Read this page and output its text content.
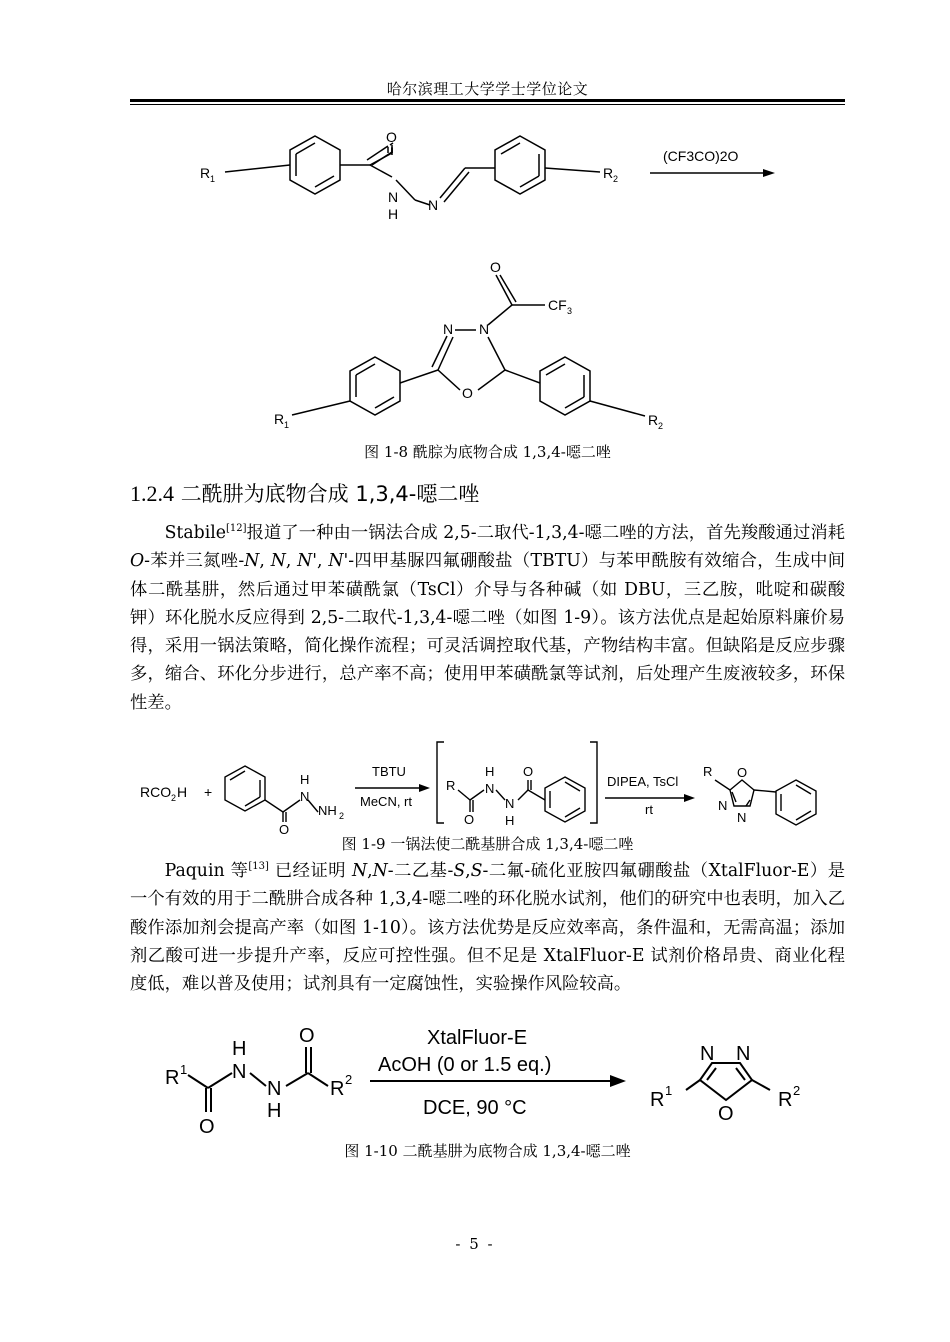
哈尔滨理工大学学士学位论文
R 1
O
N
H
N
R 2
(CF3CO)2O
O
CF 3
N N
O
R 1	R 2
图 1-8 酰腙为底物合成 1,3,4-噁二唑
1.2.4 二酰肼为底物合成 1,3,4-噁二唑

Stabile[12]报道了一种由一锅法合成 2,5-二取代-1,3,4-噁二唑的方法，首先羧酸通过消耗 O-苯并三氮唑-N, N, N', N'-四甲基脲四氟硼酸盐（TBTU）与苯甲酰胺有效缩合，生成中间体二酰基肼，然后通过甲苯磺酰氯（TsCl）介导与各种碱（如 DBU，三乙胺，吡啶和碳酸钾）环化脱水反应得到 2,5-二取代-1,3,4-噁二唑（如图 1-9）。该方法优点是起始原料廉价易得，采用一锅法策略，简化操作流程；可灵活调控取代基，产物结构丰富。但缺陷是反应步骤多，缩合、环化分步进行，总产率不高；使用甲苯磺酰氯等试剂，后处理产生废液较多，环保性差。

RCO 2 H +
H
N
NH 2
O
TBTU
MeCN, rt
R
O
H
N
N
H
O
DIPEA, TsCl
rt
R O
N
N
图 1-9 一锅法使二酰基肼合成 1,3,4-噁二唑

Paquin 等[13] 已经证明 N,N-二乙基-S,S-二氟-硫化亚胺四氟硼酸盐（XtalFluor-E）是一个有效的用于二酰肼合成各种 1,3,4-噁二唑的环化脱水试剂，他们的研究中也表明，加入乙酸作添加剂会提高产率（如图 1-10）。该方法优势是反应效率高，条件温和，无需高温；添加剂乙酸可进一步提升产率，反应可控性强。但不足是 XtalFluor-E 试剂价格昂贵、商业化程度低，难以普及使用；试剂具有一定腐蚀性，实验操作风险较高。

R 1
O
H
N
N
H
O
R 2
XtalFluor-E
AcOH (0 or 1.5 eq.)
DCE, 90 °C
N N
O
R 1	R 2
图 1-10 二酰基肼为底物合成 1,3,4-噁二唑
- 5 -
